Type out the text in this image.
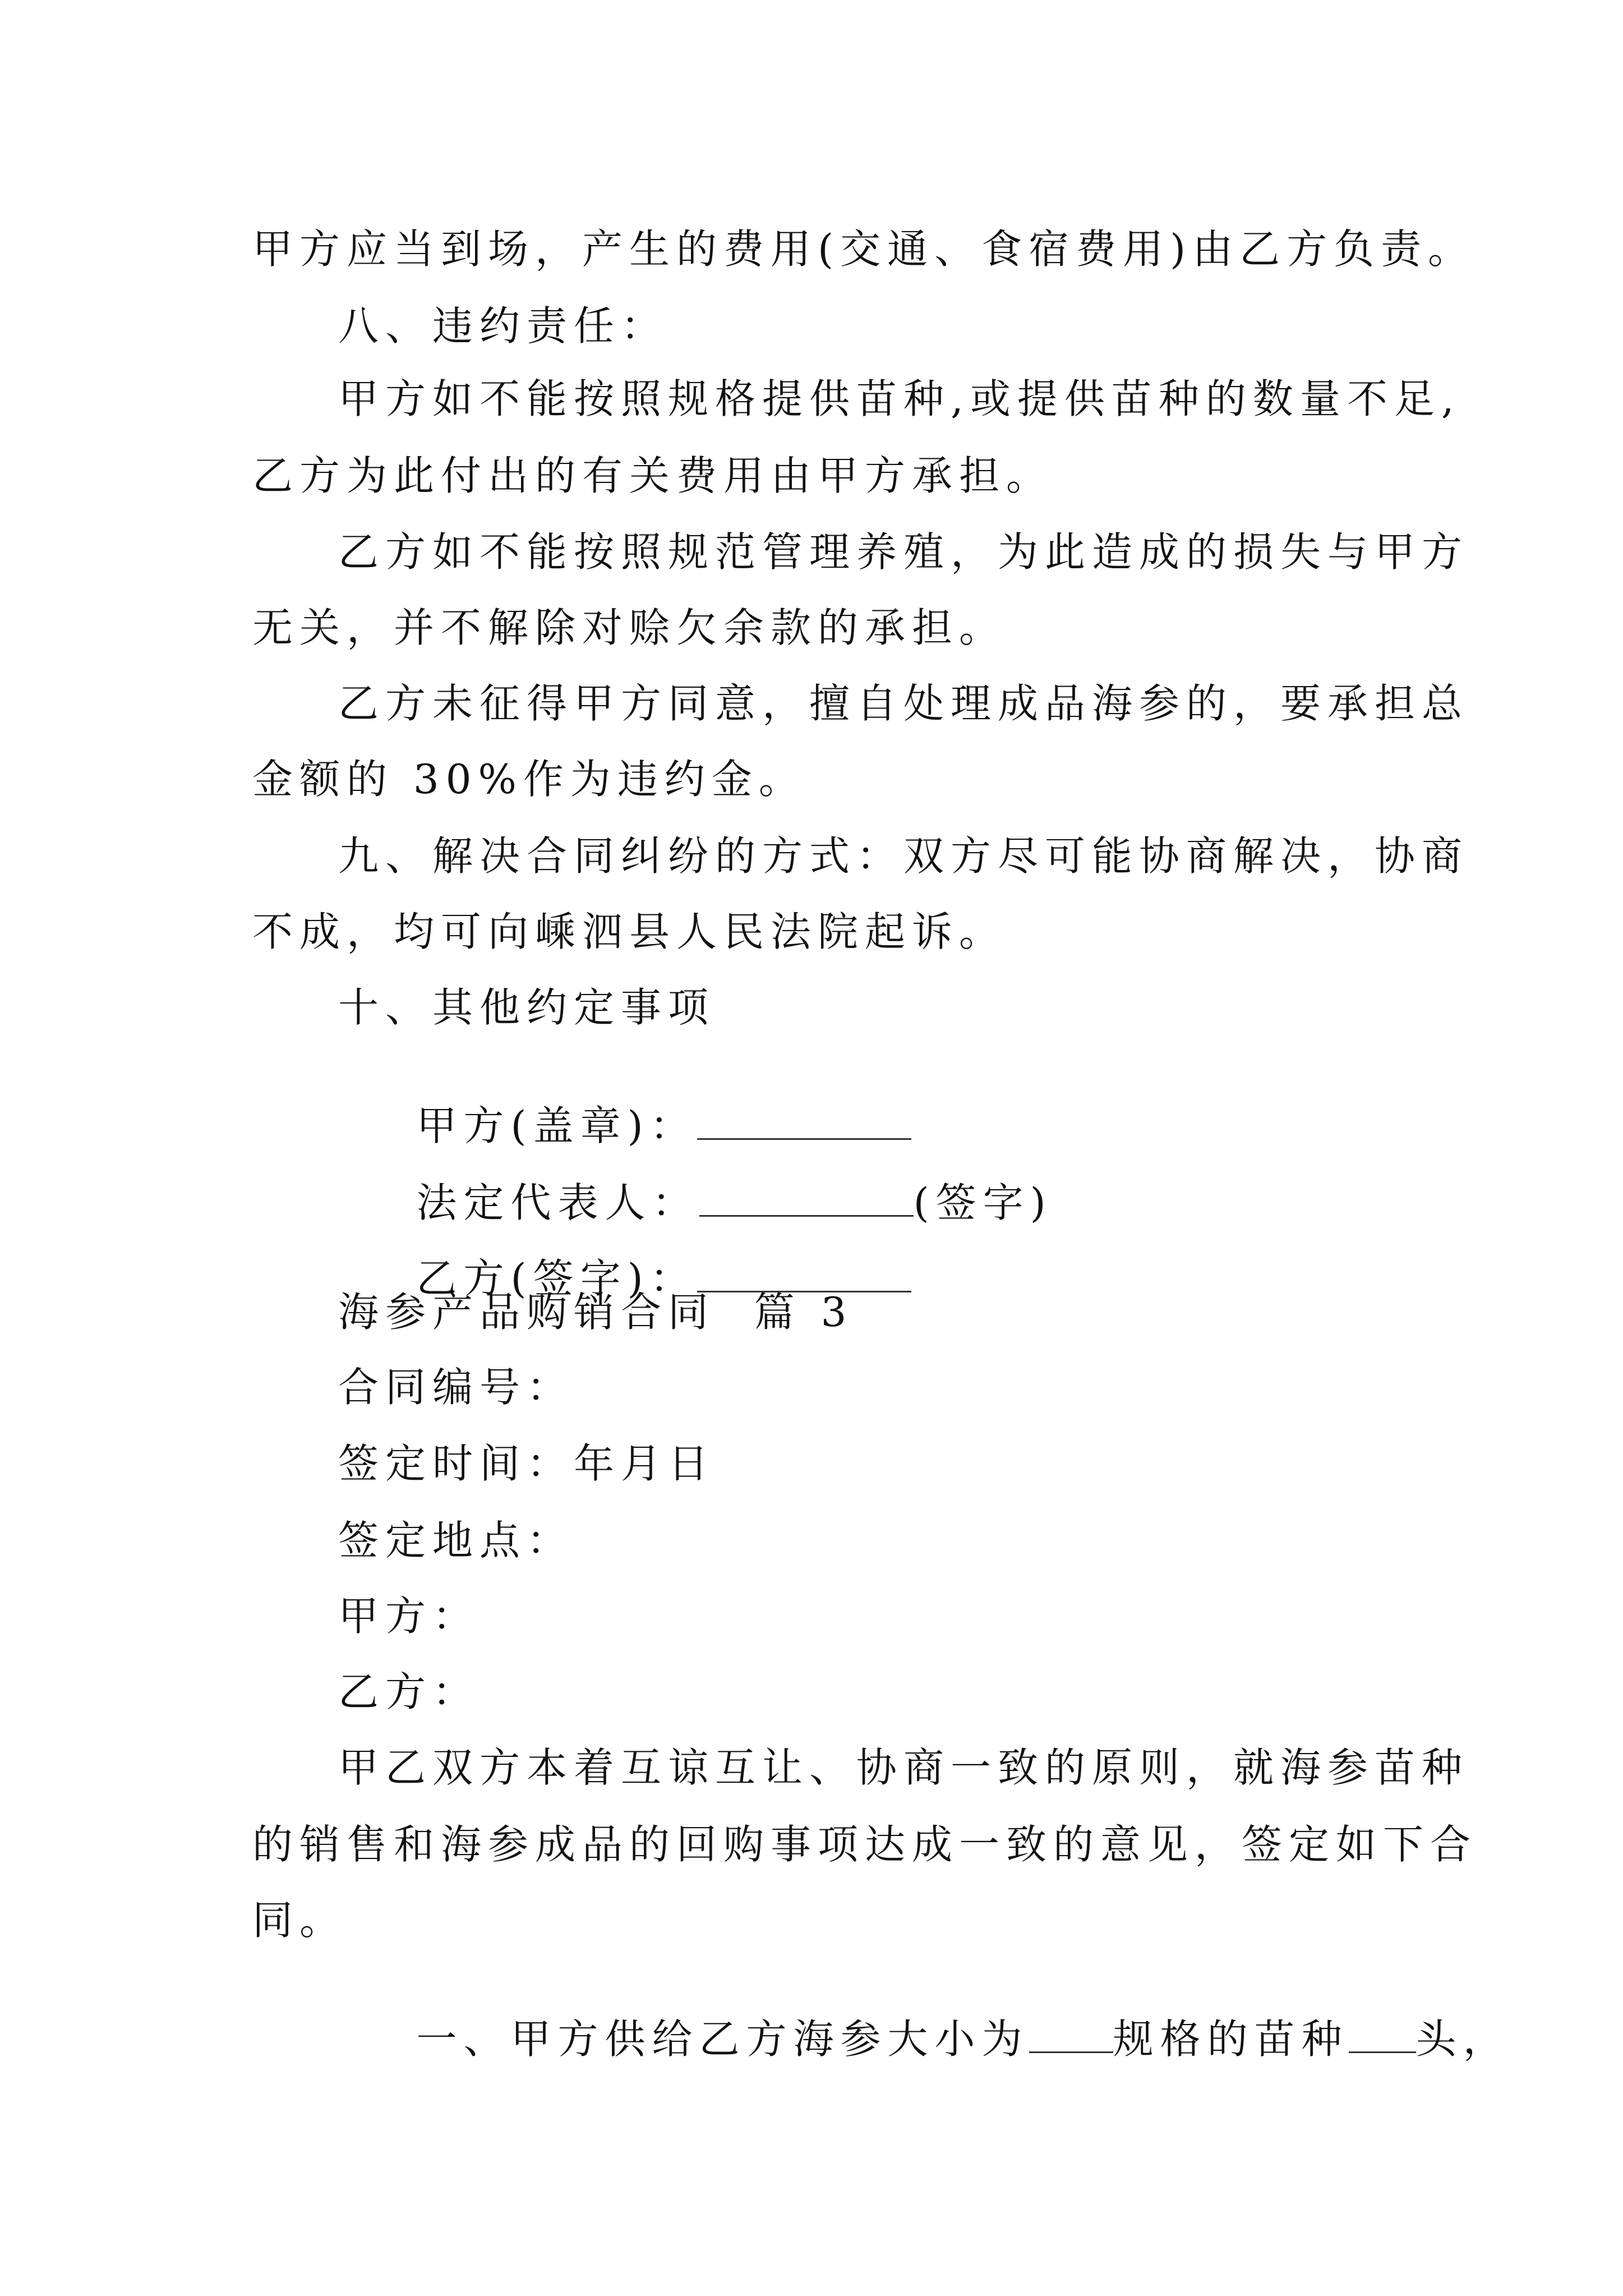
甲方应当到场，产生的费用(交通、食宿费用)由乙方负责。
八、违约责任：
甲方如不能按照规格提供苗种,或提供苗种的数量不足,
乙方为此付出的有关费用由甲方承担。
乙方如不能按照规范管理养殖，为此造成的损失与甲方
无关，并不解除对赊欠余款的承担。
乙方未征得甲方同意，擅自处理成品海参的，要承担总
金额的 30%作为违约金。
九、解决合同纠纷的方式：双方尽可能协商解决，协商
不成，均可向嵊泗县人民法院起诉。
十、其他约定事项

甲方(盖章)：

法定代表人：	(签字)

乙方(签字)：

海参产品购销合同  篇 3
合同编号：
签定时间：年月日
签定地点：
甲方：
乙方：
甲乙双方本着互谅互让、协商一致的原则，就海参苗种
的销售和海参成品的回购事项达成一致的意见，签定如下合
同。

一、甲方供给乙方海参大小为 规格的苗种 头，
